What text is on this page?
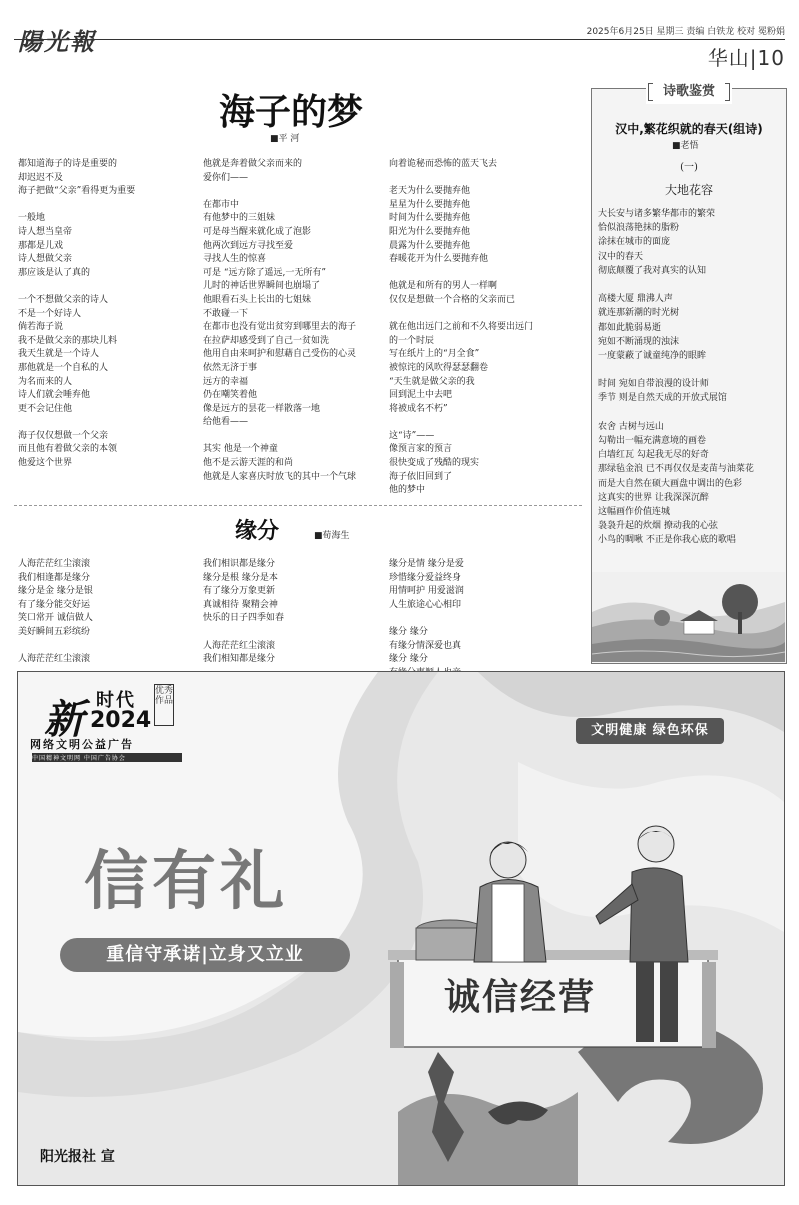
陽光報	2025年6月25日 星期三 责编 白铁龙 校对 冕粉娟
华山|10
海子的梦
■平 河
都知道海子的诗是重要的
却迟迟不及
海子把做“父亲”看得更为重要
一般地
诗人想当皇帝
那都是儿戏
诗人想做父亲
那应该是认了真的
一个不想做父亲的诗人
不是一个好诗人
倘若海子说
我不是做父亲的那块儿料
我天生就是一个诗人
那他就是一个自私的人
为名而来的人
诗人们就会唾弃他
更不会记住他
海子仅仅想做一个父亲
而且他有着做父亲的本领
他爱这个世界
他就是奔着做父亲而来的
爱你们——
在都市中
有他梦中的三姐妹
可是母当醒来就化成了泡影
他两次到远方寻找至爱
寻找人生的惊喜
可是 “远方除了遥远,一无所有”
儿时的神话世界瞬间也崩塌了
他眼看石头上长出的七姐妹
不敢碰一下
在都市也没有觉出贫穷到哪里去的海子
在拉萨却感受到了自己一贫如洗
他用自由来呵护和慰藉自己受伤的心灵
依然无济于事
远方的幸福
仍在嘲笑着他
像是远方的昙花一样散落一地
给他看——
其实 他是一个神童
他不是云游天涯的和尚
他就是人家喜庆时放飞的其中一个气球
向着诡秘而恐怖的蓝天飞去
老天为什么要抛弃他
星星为什么要抛弃他
时间为什么要抛弃他
阳光为什么要抛弃他
晨露为什么要抛弃他
春暖花开为什么要抛弃他
他就是和所有的男人一样啊
仅仅是想做一个合格的父亲而已
就在他出远门之前和不久将要出远门
的一个时辰
写在纸片上的“月全食”
被惊诧的风吹得瑟瑟翻卷
“天生就是做父亲的我
回到泥土中去吧
将被成名不朽”
这“诗”——
像预言家的预言
很快变成了残酷的现实
海子依旧回到了
他的梦中
缘分	■荀海生
人海茫茫红尘滚滚
我们相逢都是缘分
缘分是金 缘分是银
有了缘分能交好运
笑口常开 诚信做人
美好瞬间五彩缤纷
人海茫茫红尘滚滚
我们相识都是缘分
缘分是根 缘分是本
有了缘分万象更新
真诚相待 聚精会神
快乐的日子四季如春
人海茫茫红尘滚滚
我们相知都是缘分
缘分是情 缘分是爱
珍惜缘分爱益终身
用情呵护 用爱滋润
人生旅途心心相印
缘分 缘分
有缘分情深爱也真
缘分 缘分
诗歌鉴赏
汉中,繁花织就的春天(组诗)
■老悟
(一)
大地花容
大长安与诸多繁华都市的繁荣
恰似浪荡艳抹的脂粉
涂抹在城市的面庞
汉中的春天
彻底颠覆了我对真实的认知
高楼大厦 鼎沸人声
就连那新潮的时光树
都如此脆弱易逝
宛如不断涌现的浊沫
一度蒙蔽了诚童纯净的眼眸
时间 宛如自带浪漫的设计师
季节 则是自然天成的开放式展馆
农舍 古树与远山
勾勒出一幅充满意境的画卷
白墙红瓦 勾起我无尽的好奇
那绿毡金浪 已不再仅仅是麦苗与油菜花
而是大自然在硕大画盘中调出的色彩
这真实的世界 让我深深沉醉
这幅画作价值连城
袅袅升起的炊烟 撩动我的心弦
小鸟的啁啾 不正是你我心底的歌唱
新 时代
2024
优秀作品
网络文明公益广告
中国精神文明网 中国广告协会
文明健康 绿色环保
信有礼
重信守承诺|立身又立业
诚信经营
阳光报社 宣
